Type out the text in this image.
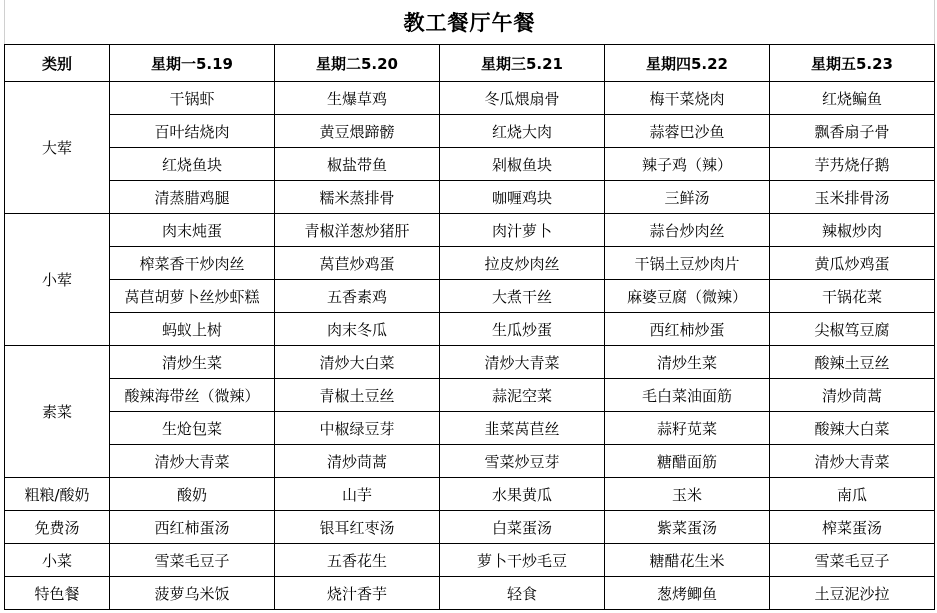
教工餐厅午餐
类别	星期一5.19	星期二5.20	星期三5.21	星期四5.22	星期五5.23
大荤	干锅虾	生爆草鸡	冬瓜煨扇骨	梅干菜烧肉	红烧鳊鱼
	百叶结烧肉	黄豆煨蹄髈	红烧大肉	蒜蓉巴沙鱼	飘香扇子骨
	红烧鱼块	椒盐带鱼	剁椒鱼块	辣子鸡（辣）	芋艿烧仔鹅
	清蒸腊鸡腿	糯米蒸排骨	咖喱鸡块	三鲜汤	玉米排骨汤
小荤	肉末炖蛋	青椒洋葱炒猪肝	肉汁萝卜	蒜台炒肉丝	辣椒炒肉
	榨菜香干炒肉丝	莴苣炒鸡蛋	拉皮炒肉丝	干锅土豆炒肉片	黄瓜炒鸡蛋
	莴苣胡萝卜丝炒虾糕	五香素鸡	大煮干丝	麻婆豆腐（微辣）	干锅花菜
	蚂蚁上树	肉末冬瓜	生瓜炒蛋	西红柿炒蛋	尖椒笃豆腐
素菜	清炒生菜	清炒大白菜	清炒大青菜	清炒生菜	酸辣土豆丝
	酸辣海带丝（微辣）	青椒土豆丝	蒜泥空菜	毛白菜油面筋	清炒茼蒿
	生炝包菜	中椒绿豆芽	韭菜莴苣丝	蒜籽苋菜	酸辣大白菜
	清炒大青菜	清炒茼蒿	雪菜炒豆芽	糖醋面筋	清炒大青菜
粗粮/酸奶	酸奶	山芋	水果黄瓜	玉米	南瓜
免费汤	西红柿蛋汤	银耳红枣汤	白菜蛋汤	紫菜蛋汤	榨菜蛋汤
小菜	雪菜毛豆子	五香花生	萝卜干炒毛豆	糖醋花生米	雪菜毛豆子
特色餐	菠萝乌米饭	烧汁香芋	轻食	葱烤鲫鱼	土豆泥沙拉
